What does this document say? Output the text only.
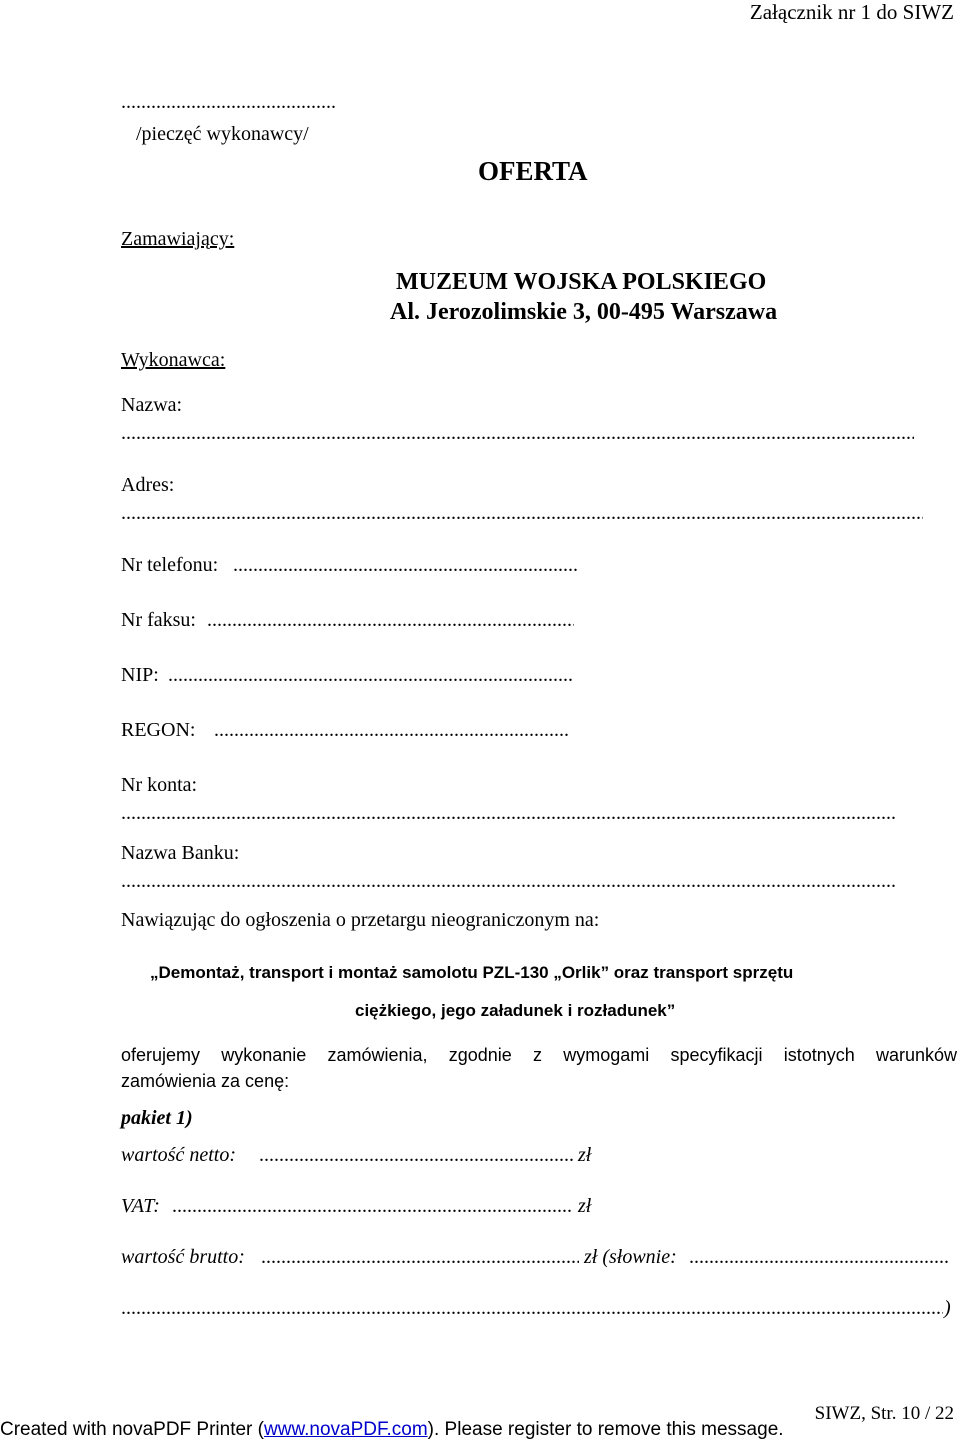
Załącznik nr 1 do SIWZ
...........................................
/pieczęć wykonawcy/
OFERTA
Zamawiający:
MUZEUM WOJSKA POLSKIEGO
Al. Jerozolimskie 3, 00-495 Warszawa
Wykonawca:
Nazwa:
.....
Adres:
.....
Nr telefonu:
.....
Nr faksu:
.....
NIP:
.....
REGON:
.....
Nr konta:
.....
Nazwa Banku:
.....
Nawiązując do ogłoszenia o przetargu nieograniczonym na:
„Demontaż, transport i montaż samolotu PZL-130 „Orlik” oraz transport sprzętu
ciężkiego, jego załadunek i rozładunek”
oferujemy wykonanie zamówienia, zgodnie z wymogami specyfikacji istotnych warunków
zamówienia za cenę:
pakiet 1)
wartość netto: .....	zł
VAT: .....	zł
wartość brutto: .....	zł (słownie:
.....
.....
)
SIWZ, Str. 10 / 22
Created with novaPDF Printer (www.novaPDF.com). Please register to remove this message.
